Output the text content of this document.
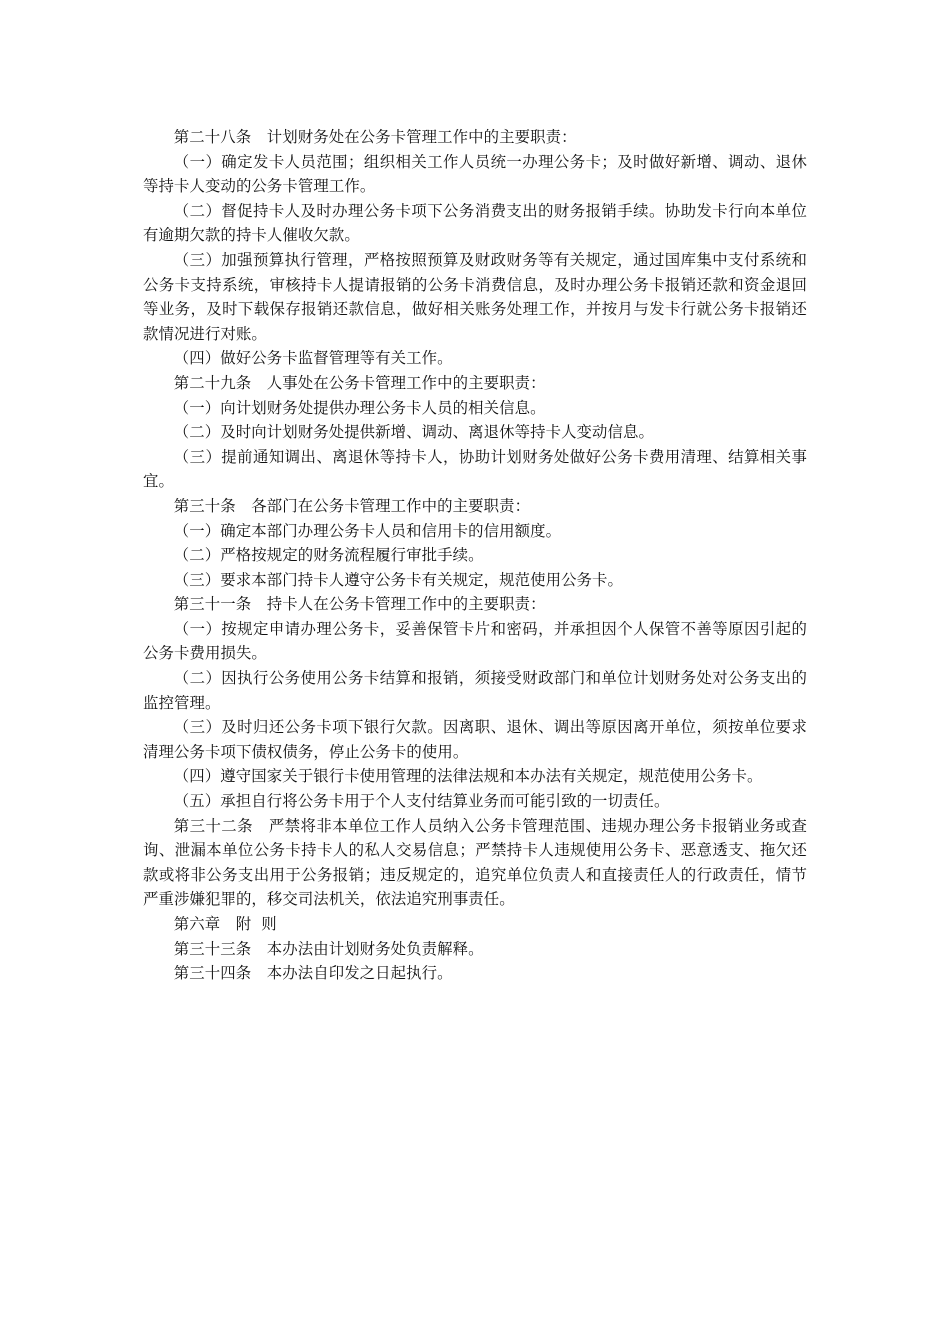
第二十八条　计划财务处在公务卡管理工作中的主要职责：

（一）确定发卡人员范围；组织相关工作人员统一办理公务卡；及时做好新增、调动、退休等持卡人变动的公务卡管理工作。

（二）督促持卡人及时办理公务卡项下公务消费支出的财务报销手续。协助发卡行向本单位有逾期欠款的持卡人催收欠款。

（三）加强预算执行管理，严格按照预算及财政财务等有关规定，通过国库集中支付系统和公务卡支持系统，审核持卡人提请报销的公务卡消费信息，及时办理公务卡报销还款和资金退回等业务，及时下载保存报销还款信息，做好相关账务处理工作，并按月与发卡行就公务卡报销还款情况进行对账。

（四）做好公务卡监督管理等有关工作。

第二十九条　人事处在公务卡管理工作中的主要职责：

（一）向计划财务处提供办理公务卡人员的相关信息。

（二）及时向计划财务处提供新增、调动、离退休等持卡人变动信息。

（三）提前通知调出、离退休等持卡人，协助计划财务处做好公务卡费用清理、结算相关事宜。

第三十条　各部门在公务卡管理工作中的主要职责：

（一）确定本部门办理公务卡人员和信用卡的信用额度。

（二）严格按规定的财务流程履行审批手续。

（三）要求本部门持卡人遵守公务卡有关规定，规范使用公务卡。

第三十一条　持卡人在公务卡管理工作中的主要职责：

（一）按规定申请办理公务卡，妥善保管卡片和密码，并承担因个人保管不善等原因引起的公务卡费用损失。

（二）因执行公务使用公务卡结算和报销，须接受财政部门和单位计划财务处对公务支出的监控管理。

（三）及时归还公务卡项下银行欠款。因离职、退休、调出等原因离开单位，须按单位要求清理公务卡项下债权债务，停止公务卡的使用。

（四）遵守国家关于银行卡使用管理的法律法规和本办法有关规定，规范使用公务卡。

（五）承担自行将公务卡用于个人支付结算业务而可能引致的一切责任。

第三十二条　严禁将非本单位工作人员纳入公务卡管理范围、违规办理公务卡报销业务或查询、泄漏本单位公务卡持卡人的私人交易信息；严禁持卡人违规使用公务卡、恶意透支、拖欠还款或将非公务支出用于公务报销；违反规定的，追究单位负责人和直接责任人的行政责任，情节严重涉嫌犯罪的，移交司法机关，依法追究刑事责任。

第六章　附  则

第三十三条　本办法由计划财务处负责解释。

第三十四条　本办法自印发之日起执行。
